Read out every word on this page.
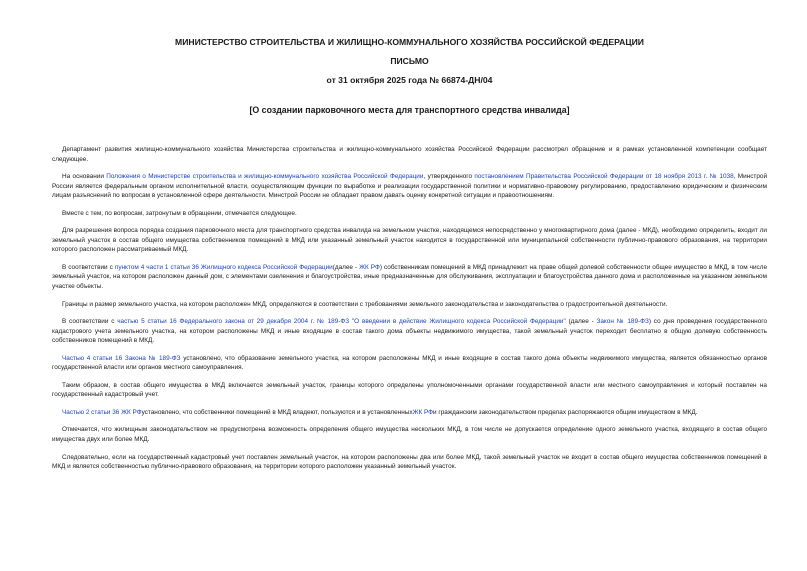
МИНИСТЕРСТВО СТРОИТЕЛЬСТВА И ЖИЛИЩНО-КОММУНАЛЬНОГО ХОЗЯЙСТВА РОССИЙСКОЙ ФЕДЕРАЦИИ
ПИСЬМО
от 31 октября 2025 года № 66874-ДН/04
[О создании парковочного места для транспортного средства инвалида]

Департамент развития жилищно-коммунального хозяйства Министерства строительства и жилищно-коммунального хозяйства Российской Федерации рассмотрел обращение и в рамках установленной компетенции сообщает следующее.

На основании Положения о Министерстве строительства и жилищно-коммунального хозяйства Российской Федерации, утвержденного постановлением Правительства Российской Федерации от 18 ноября 2013 г. № 1038, Минстрой России является федеральным органом исполнительной власти, осуществляющим функции по выработке и реализации государственной политики и нормативно-правовому регулированию, предоставлению юридическим и физическим лицам разъяснений по вопросам в установленной сфере деятельности. Минстрой России не обладает правом давать оценку конкретной ситуации и правоотношениям.

Вместе с тем, по вопросам, затронутым в обращении, отмечается следующее.

Для разрешения вопроса порядка создания парковочного места для транспортного средства инвалида на земельном участке, находящемся непосредственно у многоквартирного дома (далее - МКД), необходимо определить, входит ли земельный участок в состав общего имущества собственников помещений в МКД или указанный земельный участок находится в государственной или муниципальной собственности публично-правового образования, на территории которого расположен рассматриваемый МКД.

В соответствии с пунктом 4 части 1 статьи 36 Жилищного кодекса Российской Федерации(далее - ЖК РФ) собственникам помещений в МКД принадлежит на праве общей долевой собственности общее имущество в МКД, в том числе земельный участок, на котором расположен данный дом, с элементами озеленения и благоустройства, иные предназначенные для обслуживания, эксплуатации и благоустройства данного дома и расположенные на указанном земельном участке объекты.

Границы и размер земельного участка, на котором расположен МКД, определяются в соответствии с требованиями земельного законодательства и законодательства о градостроительной деятельности.

В соответствии с частью 5 статьи 16 Федерального закона от 29 декабря 2004 г. № 189-ФЗ "О введении в действие Жилищного кодекса Российской Федерации" (далее - Закон № 189-ФЗ) со дня проведения государственного кадастрового учета земельного участка, на котором расположены МКД и иные входящие в состав такого дома объекты недвижимого имущества, такой земельный участок переходит бесплатно в общую долевую собственность собственников помещений в МКД.

Частью 4 статьи 16 Закона № 189-ФЗ установлено, что образование земельного участка, на котором расположены МКД и иные входящие в состав такого дома объекты недвижимого имущества, является обязанностью органов государственной власти или органов местного самоуправления.

Таким образом, в состав общего имущества в МКД включается земельный участок, границы которого определены уполномоченными органами государственной власти или местного самоуправления и который поставлен на государственный кадастровый учет.

Частью 2 статьи 36 ЖК РФустановлено, что собственники помещений в МКД владеют, пользуются и в установленныхЖК РФи гражданским законодательством пределах распоряжаются общим имуществом в МКД.

Отмечается, что жилищным законодательством не предусмотрена возможность определения общего имущества нескольких МКД, в том числе не допускается определение одного земельного участка, входящего в состав общего имущества двух или более МКД.

Следовательно, если на государственный кадастровый учет поставлен земельный участок, на котором расположены два или более МКД, такой земельный участок не входит в состав общего имущества собственников помещений в МКД и является собственностью публично-правового образования, на территории которого расположен указанный земельный участок.
